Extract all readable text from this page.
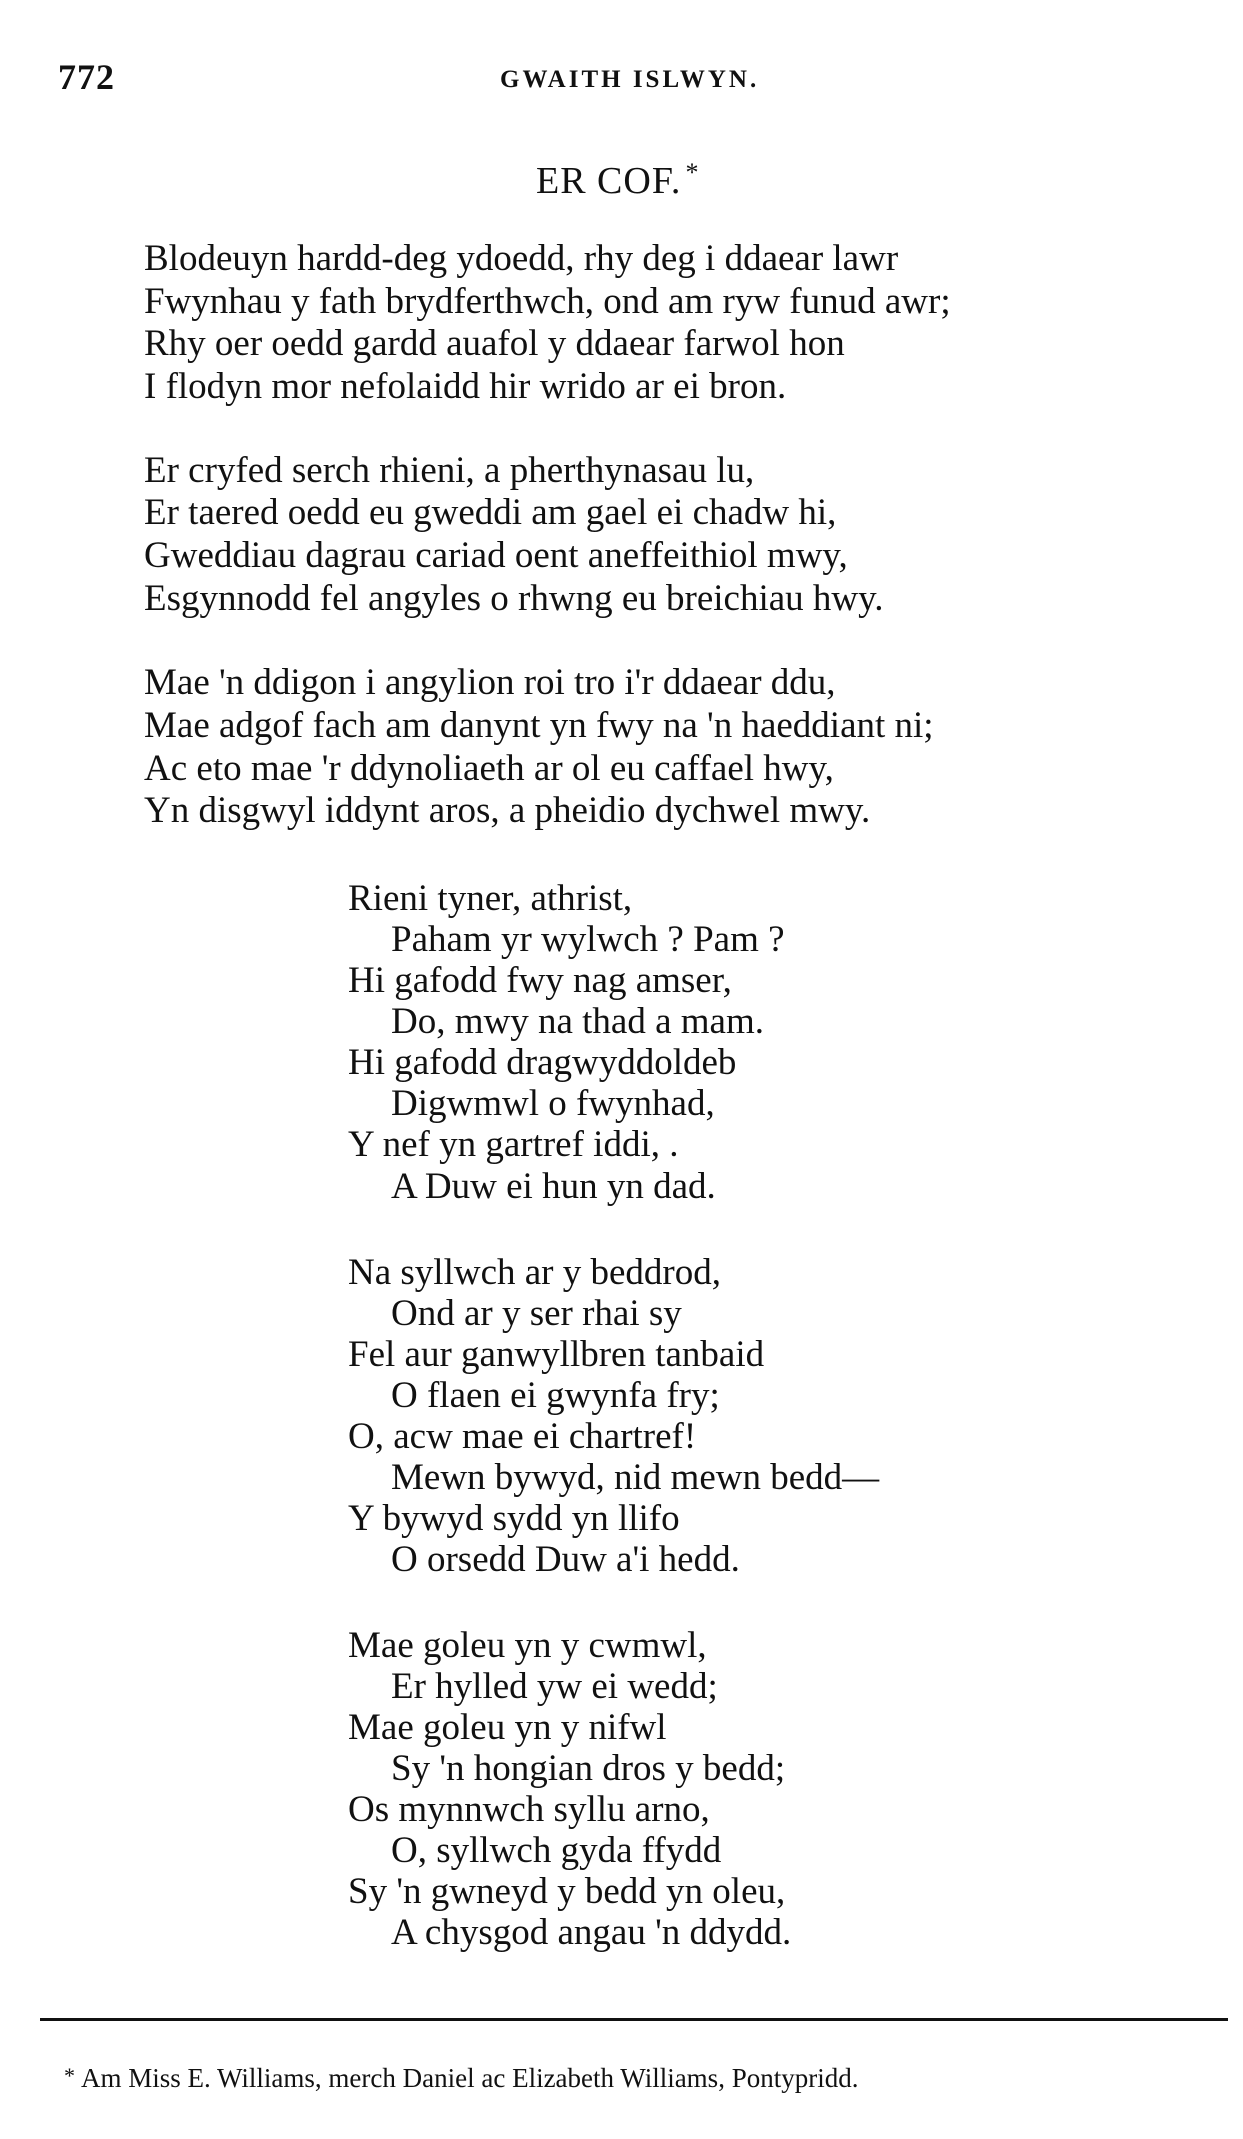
772	GWAITH ISLWYN.
ER COF. *
Blodeuyn hardd-deg ydoedd, rhy deg i ddaear lawr
Fwynhau y fath brydferthwch, ond am ryw funud awr;
Rhy oer oedd gardd auafol y ddaear farwol hon
I flodyn mor nefolaidd hir wrido ar ei bron.
Er cryfed serch rhieni, a pherthynasau lu,
Er taered oedd eu gweddi am gael ei chadw hi,
Gweddiau dagrau cariad oent aneffeithiol mwy,
Esgynnodd fel angyles o rhwng eu breichiau hwy.
Mae 'n ddigon i angylion roi tro i'r ddaear ddu,
Mae adgof fach am danynt yn fwy na 'n haeddiant ni;
Ac eto mae 'r ddynoliaeth ar ol eu caffael hwy,
Yn disgwyl iddynt aros, a pheidio dychwel mwy.
Rieni tyner, athrist,
Paham yr wylwch ? Pam ?
Hi gafodd fwy nag amser,
Do, mwy na thad a mam.
Hi gafodd dragwyddoldeb
Digwmwl o fwynhad,
Y nef yn gartref iddi, .
A Duw ei hun yn dad.
Na syllwch ar y beddrod,
Ond ar y ser rhai sy
Fel aur ganwyllbren tanbaid
O flaen ei gwynfa fry;
O, acw mae ei chartref!
Mewn bywyd, nid mewn bedd—
Y bywyd sydd yn llifo
O orsedd Duw a'i hedd.
Mae goleu yn y cwmwl,
Er hylled yw ei wedd;
Mae goleu yn y nifwl
Sy 'n hongian dros y bedd;
Os mynnwch syllu arno,
O, syllwch gyda ffydd
Sy 'n gwneyd y bedd yn oleu,
A chysgod angau 'n ddydd.
* Am Miss E. Williams, merch Daniel ac Elizabeth Williams, Pontypridd.
